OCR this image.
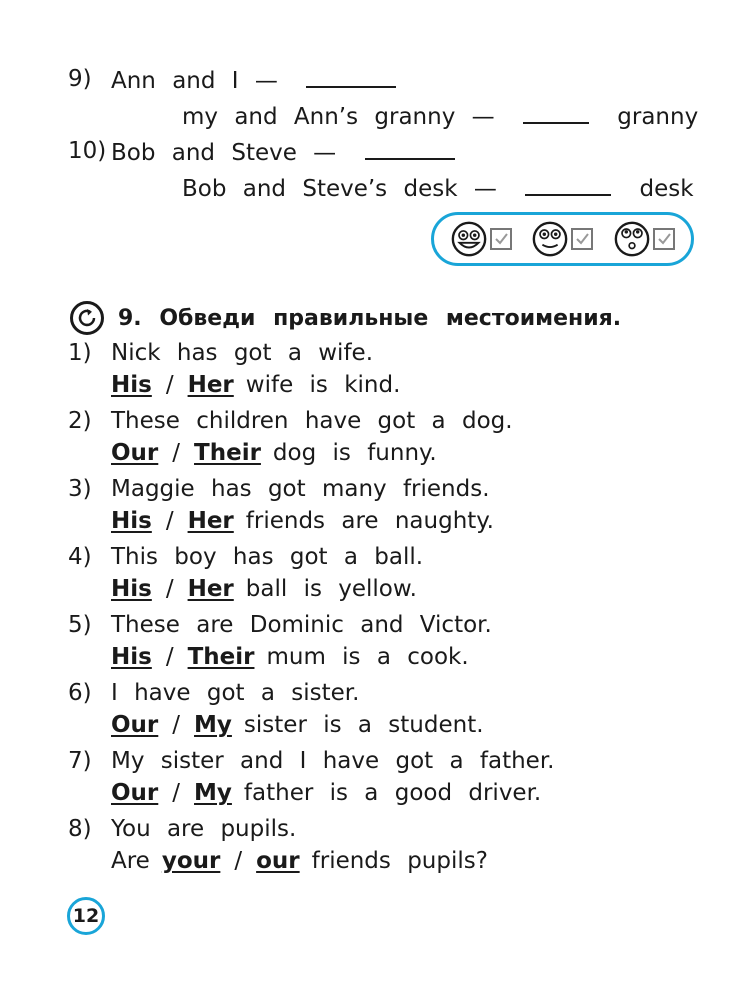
9) Ann and I —
my and Ann’s granny —	granny
10) Bob and Steve —
Bob and Steve’s desk —	desk
9. Обведи правильные местоимения.
1) Nick has got a wife.
His / Her wife is kind.
2) These children have got a dog.
Our / Their dog is funny.
3) Maggie has got many friends.
His / Her friends are naughty.
4) This boy has got a ball.
His / Her ball is yellow.
5) These are Dominic and Victor.
His / Their mum is a cook.
6) I have got a sister.
Our / My sister is a student.
7) My sister and I have got a father.
Our / My father is a good driver.
8) You are pupils.
Are your / our friends pupils?
12
